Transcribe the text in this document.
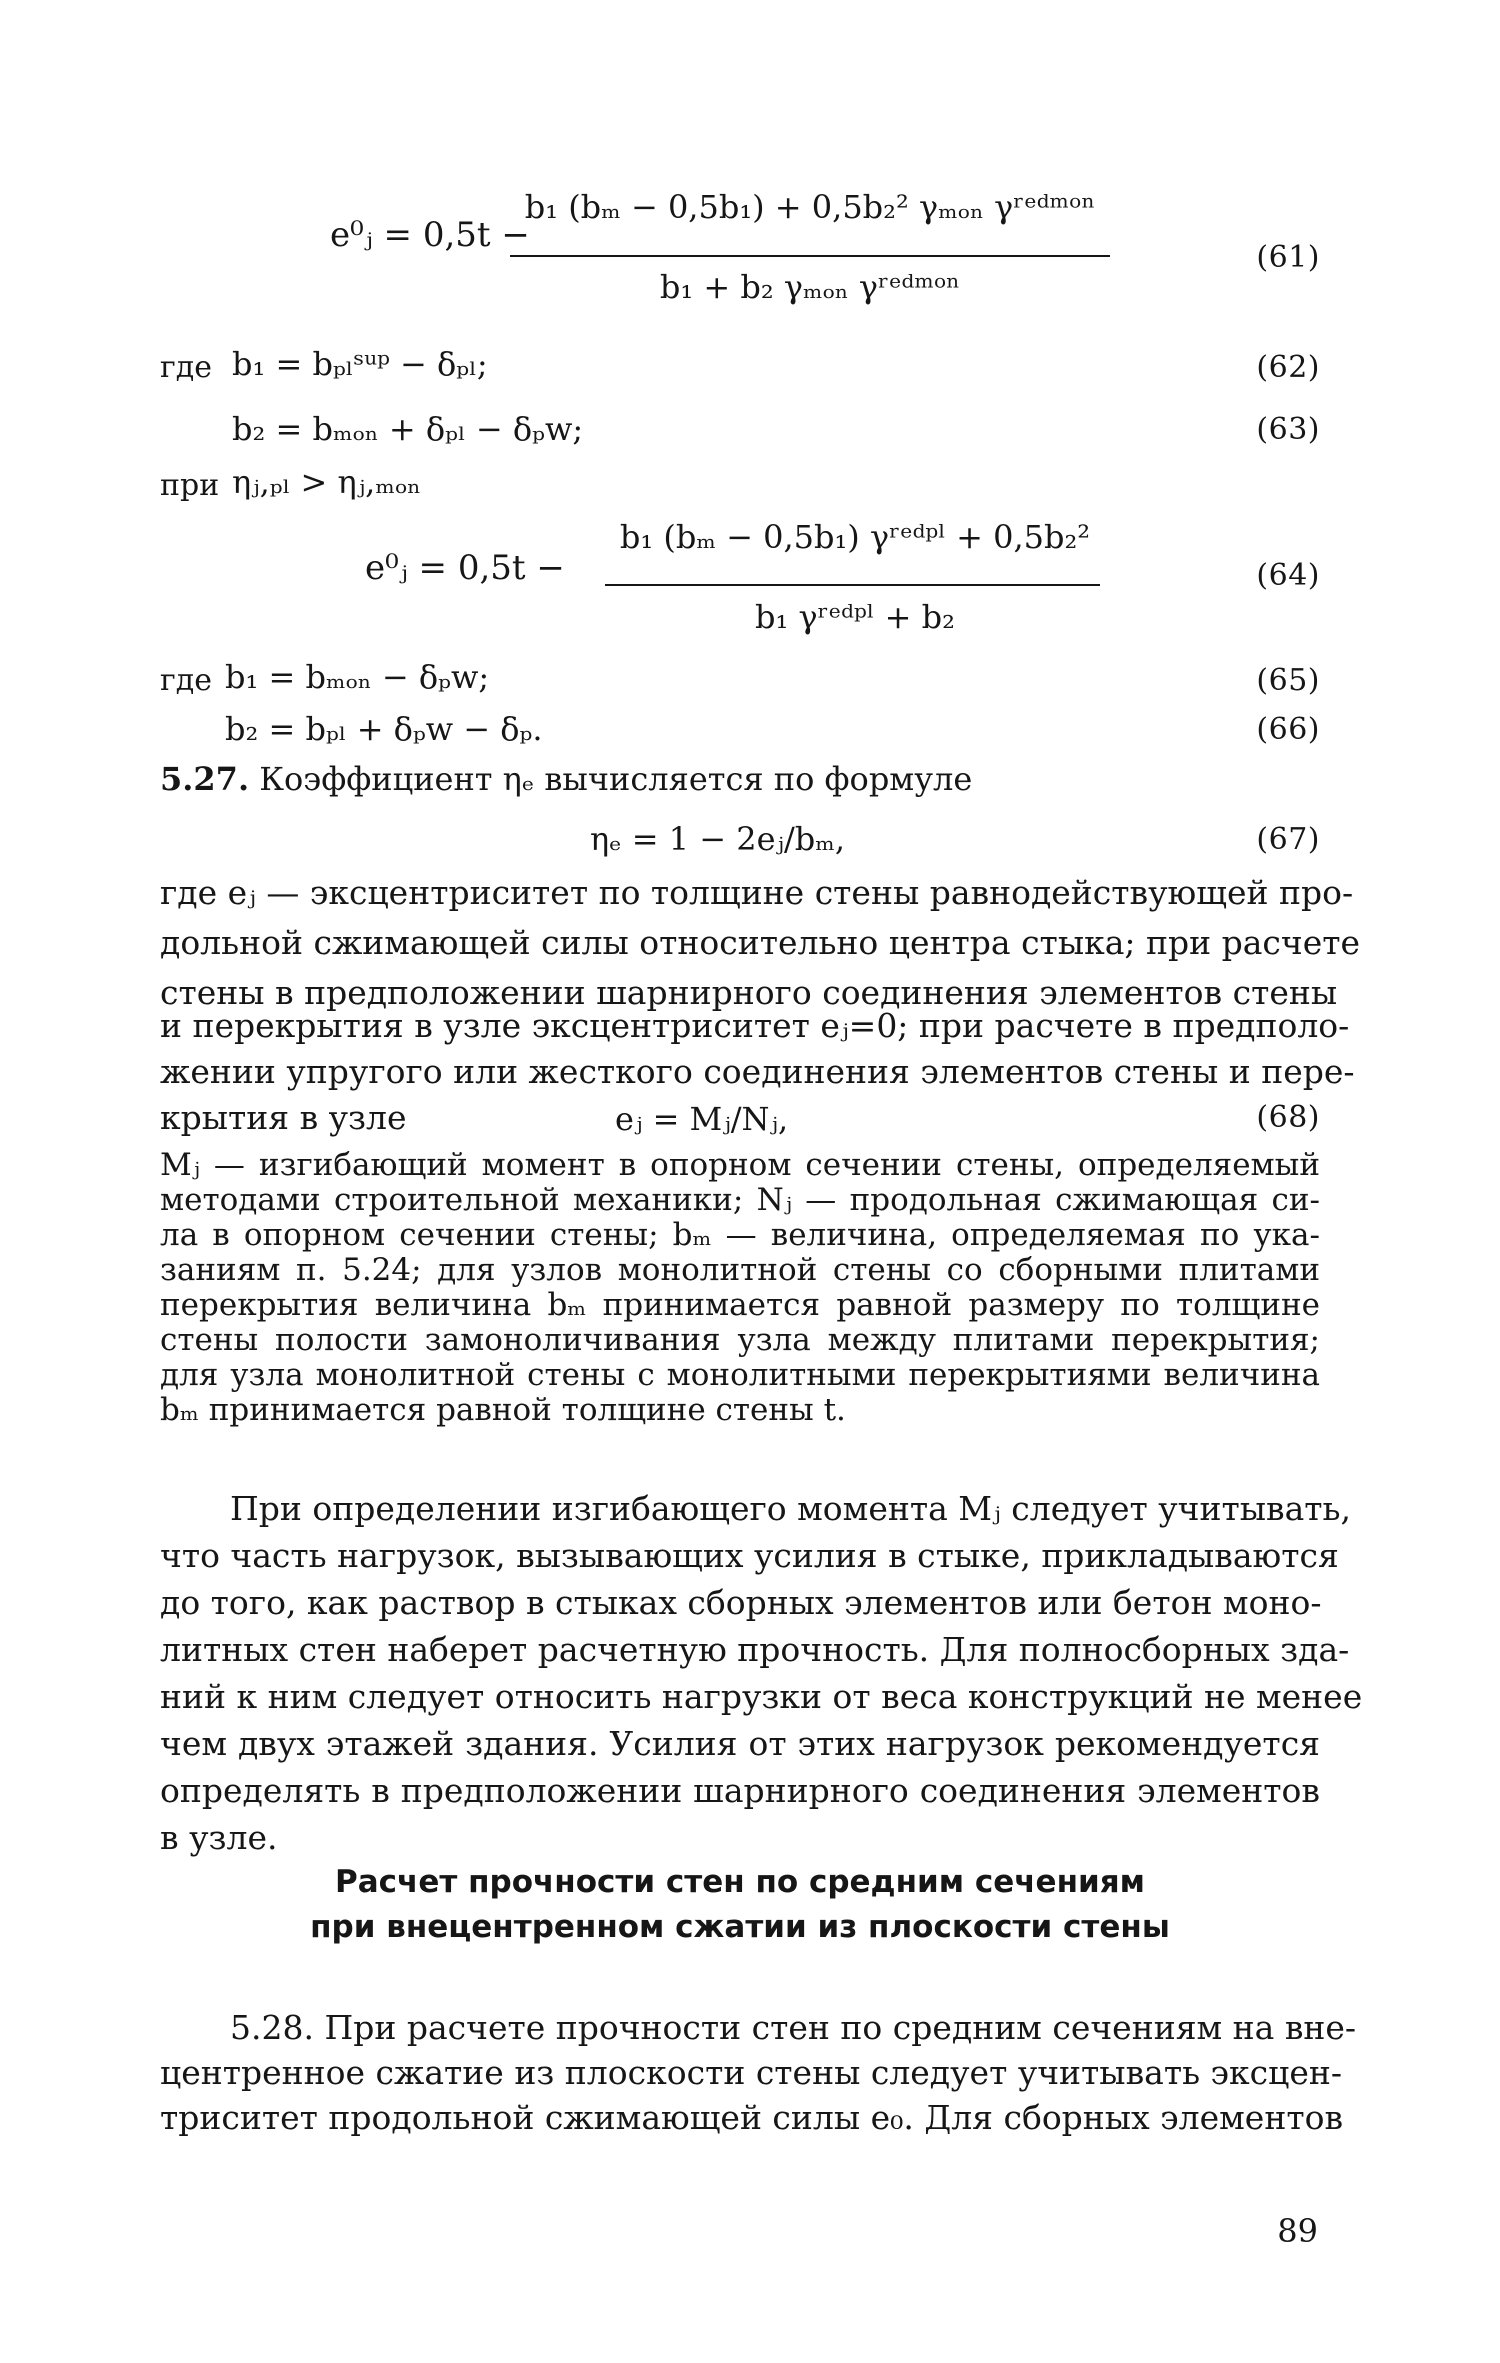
e⁰ⱼ = 0,5t −
b₁ (bₘ − 0,5b₁) + 0,5b₂² γₘₒₙ γʳᵉᵈᵐᵒⁿ
b₁ + b₂ γₘₒₙ γʳᵉᵈᵐᵒⁿ
(61)
где b₁ = bₚₗˢᵘᵖ − δₚₗ;	(62)
b₂ = bₘₒₙ + δₚₗ − δₚw;	(63)
при ηⱼ,ₚₗ > ηⱼ,ₘₒₙ
e⁰ⱼ = 0,5t −
b₁ (bₘ − 0,5b₁) γʳᵉᵈᵖˡ + 0,5b₂²
b₁ γʳᵉᵈᵖˡ + b₂
(64)
где b₁ = bₘₒₙ − δₚw;	(65)
b₂ = bₚₗ + δₚw − δₚ.	(66)
5.27. Коэффициент ηₑ вычисляется по формуле
ηₑ = 1 − 2eⱼ/bₘ,	(67)
где eⱼ — эксцентриситет по толщине стены равнодействующей про-
дольной сжимающей силы относительно центра стыка; при расчете
стены в предположении шарнирного соединения элементов стены
и перекрытия в узле эксцентриситет eⱼ=0; при расчете в предполо-
жении упругого или жесткого соединения элементов стены и пере-
крытия в узле	eⱼ = Mⱼ/Nⱼ,	(68)
Mⱼ — изгибающий момент в опорном сечении стены, определяемый
методами строительной механики; Nⱼ — продольная сжимающая си-
ла в опорном сечении стены; bₘ — величина, определяемая по ука-
заниям п. 5.24; для узлов монолитной стены со сборными плитами
перекрытия величина bₘ принимается равной размеру по толщине
стены полости замоноличивания узла между плитами перекрытия;
для узла монолитной стены с монолитными перекрытиями величина
bₘ принимается равной толщине стены t.
При определении изгибающего момента Mⱼ следует учитывать,
что часть нагрузок, вызывающих усилия в стыке, прикладываются
до того, как раствор в стыках сборных элементов или бетон моно-
литных стен наберет расчетную прочность. Для полносборных зда-
ний к ним следует относить нагрузки от веса конструкций не менее
чем двух этажей здания. Усилия от этих нагрузок рекомендуется
определять в предположении шарнирного соединения элементов
в узле.
Расчет прочности стен по средним сечениям
при внецентренном сжатии из плоскости стены
5.28. При расчете прочности стен по средним сечениям на вне-
центренное сжатие из плоскости стены следует учитывать эксцен-
триситет продольной сжимающей силы e₀. Для сборных элементов
89
